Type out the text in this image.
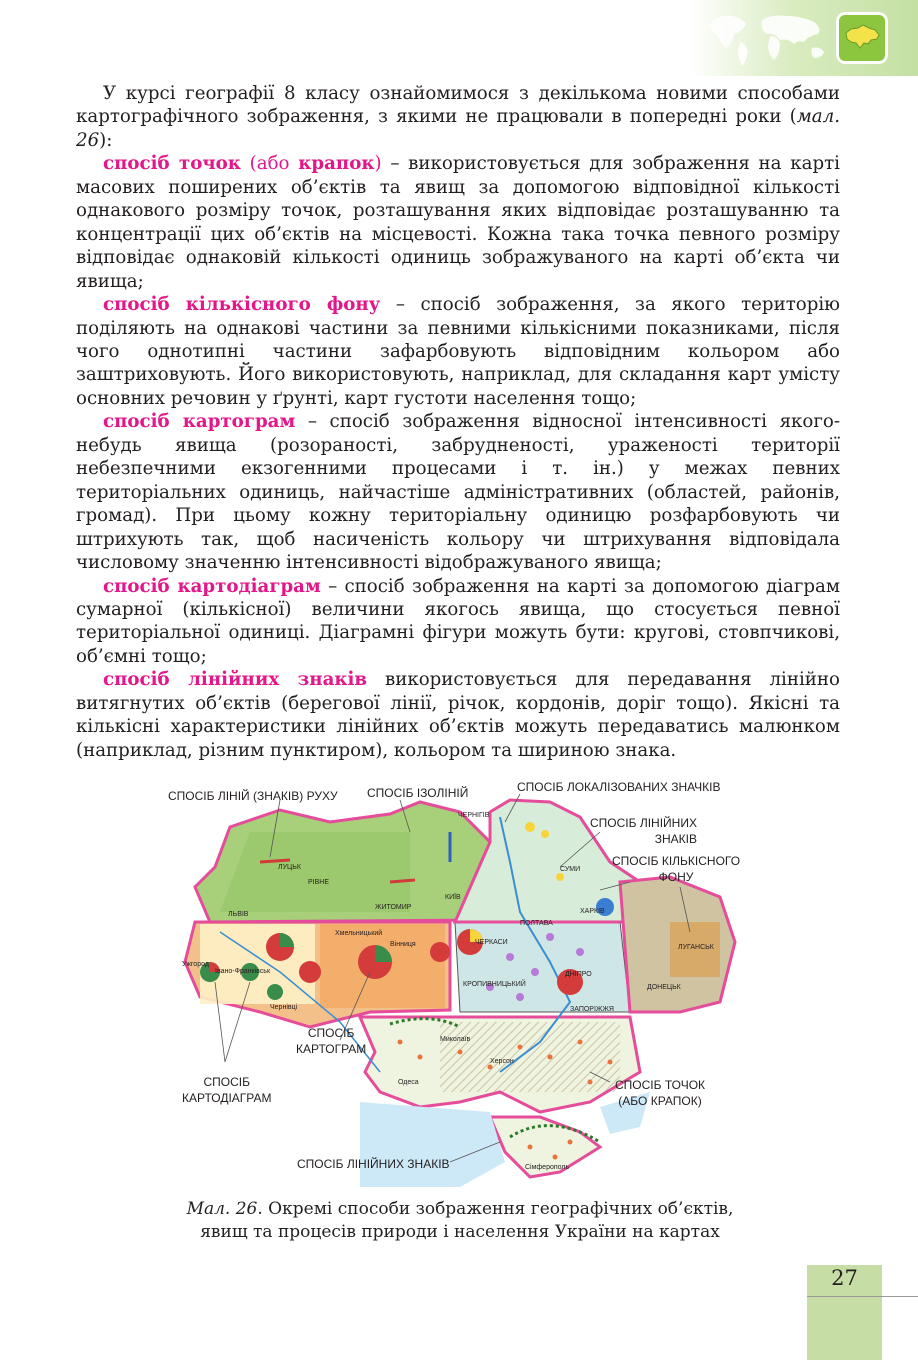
У курсі географії 8 класу ознайомимося з декількома новими способами картографічного зображення, з якими не працювали в попередні роки (мал. 26):

спосіб точок (або крапок) – використовується для зображення на карті масових поширених об’єктів та явищ за допомогою відповідної кількості однакового розміру точок, розташування яких відповідає розташуванню та концентрації цих об’єктів на місцевості. Кожна така точка певного розміру відповідає однаковій кількості одиниць зображуваного на карті об’єкта чи явища;

спосіб кількісного фону – спосіб зображення, за якого територію поділяють на однакові частини за певними кількісними показниками, після чого однотипні частини зафарбовують відповідним кольором або заштриховують. Його використовують, наприклад, для складання карт умісту основних речовин у ґрунті, карт густоти населення тощо;

спосіб картограм – спосіб зображення відносної інтенсивності якого-небудь явища (розораності, забрудненості, ураженості території небезпечними екзогенними процесами і т. ін.) у межах певних територіальних одиниць, найчастіше адміністративних (областей, районів, громад). При цьому кожну територіальну одиницю розфарбовують чи штрихують так, щоб насиченість кольору чи штрихування відповідала числовому значенню інтенсивності відображуваного явища;

спосіб картодіаграм – спосіб зображення на карті за допомогою діаграм сумарної (кількісної) величини якогось явища, що стосується певної територіальної одиниці. Діаграмні фігури можуть бути: кругові, стовпчикові, об’ємні тощо;

спосіб лінійних знаків використовується для передавання лінійно витягнутих об’єктів (берегової лінії, річок, кордонів, доріг тощо). Якісні та кількісні характеристики лінійних об’єктів можуть передаватись малюнком (наприклад, різним пунктиром), кольором та шириною знака.

СПОСІБ ЛІНІЙ (ЗНАКІВ) РУХУ СПОСІБ ІЗОЛІНІЙ	СПОСІБ ЛОКАЛІЗОВАНИХ ЗНАЧКІВ
СПОСІБ ЛІНІЙНИХ
ЗНАКІВ
СПОСІБ КІЛЬКІСНОГО
ФОНУ
СПОСІБ
КАРТОГРАМ
СПОСІБ
КАРТОДІАГРАМ
СПОСІБ ТОЧОК
(АБО КРАПОК)
СПОСІБ ЛІНІЙНИХ ЗНАКІВ
ЧЕРНІГІВ
ЛУЦЬК
РІВНЕ
ЖИТОМИР
КИЇВ
ЛЬВІВ
Хмельницький
Вінниця
Ужгород
Івано-Франківськ
Чернівці
СУМИ
ХАРКІВ
ПОЛТАВА
ЧЕРКАСИ
КРОПИВНИЦЬКИЙ
ДНІПРО
ЗАПОРІЖЖЯ
ЛУГАНСЬК
ДОНЕЦЬК
Миколаїв
Херсон
Одеса
Сімферополь
Мал. 26. Окремі способи зображення географічних об’єктів,
явищ та процесів природи і населення України на картах
27
